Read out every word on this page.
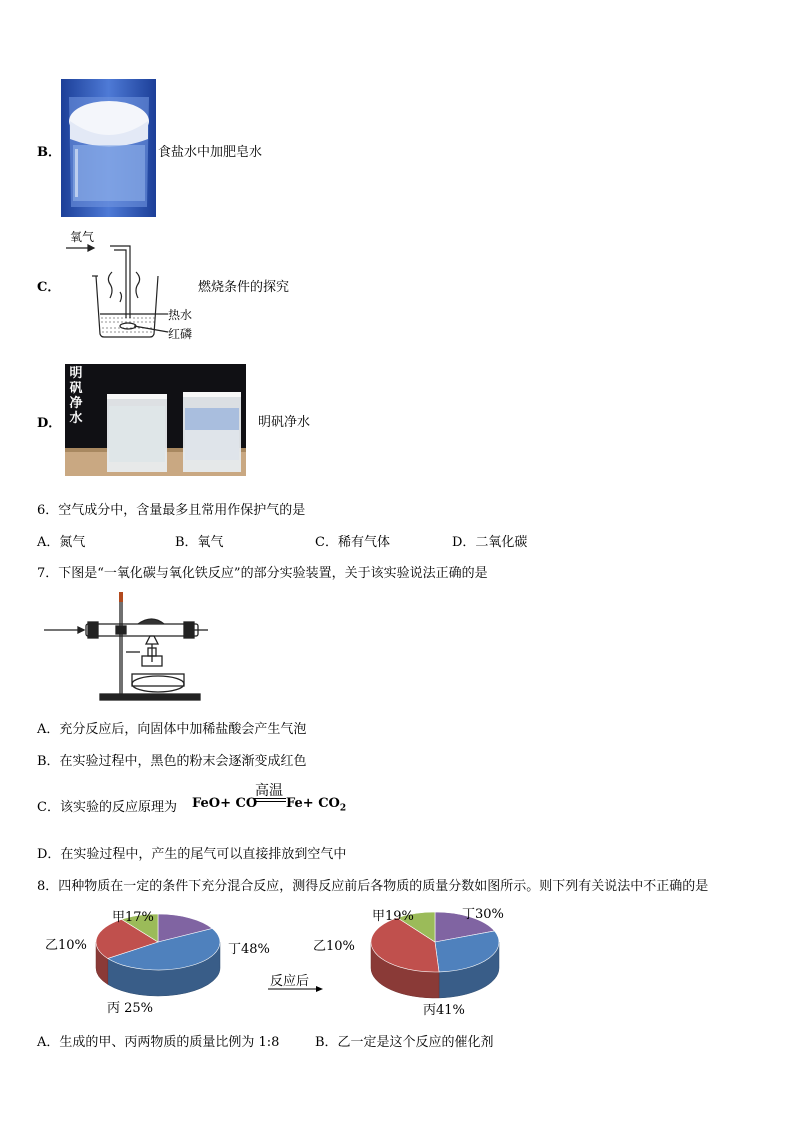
B．	食盐水中加肥皂水
C．
氧气
燃烧条件的探究
热水
红磷
D．
明
矾
净
水	明矾净水
6．空气成分中，含量最多且常用作保护气的是
A．氮气	B．氧气	C．稀有气体	D．二氧化碳
7．下图是“一氧化碳与氧化铁反应”的部分实验装置，关于该实验说法正确的是
A．充分反应后，向固体中加稀盐酸会产生气泡
B．在实验过程中，黑色的粉末会逐渐变成红色
C．该实验的反应原理为 FeO+ CO
高温
$Fe+ CO_2$
D．在实验过程中，产生的尾气可以直接排放到空气中
8．四种物质在一定的条件下充分混合反应，测得反应前后各物质的质量分数如图所示。则下列有关说法中不正确的是
甲17%
乙10%
丙 25%
丁48%
甲19%
乙10%
丙41%
丁30%
反应后
A．生成的甲、丙两物质的质量比例为 1:8	B．乙一定是这个反应的催化剂
